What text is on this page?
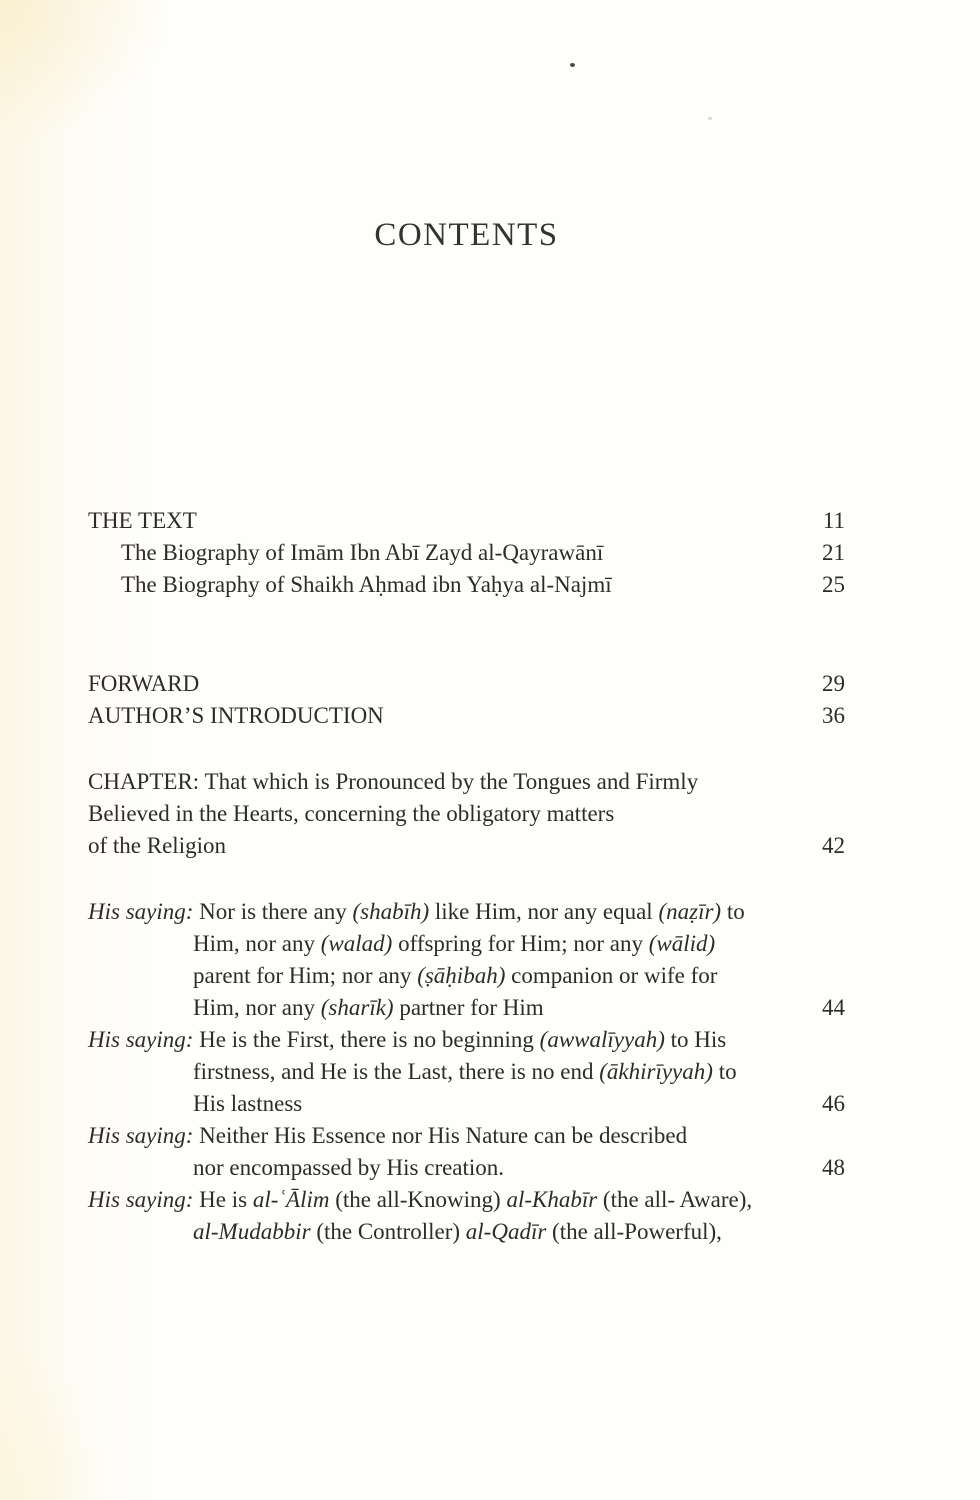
CONTENTS
THE TEXT	11
The Biography of Imām Ibn Abī Zayd al-Qayrawānī	21
The Biography of Shaikh Aḥmad ibn Yaḥya al-Najmī	25
FORWARD	29
AUTHOR’S INTRODUCTION	36
CHAPTER: That which is Pronounced by the Tongues and Firmly
Believed in the Hearts, concerning the obligatory matters
of the Religion	42
His saying: Nor is there any (shabīh) like Him, nor any equal (naẓīr) to
Him, nor any (walad) offspring for Him; nor any (wālid)
parent for Him; nor any (ṣāḥibah) companion or wife for
Him, nor any (sharīk) partner for Him	44
His saying: He is the First, there is no beginning (awwalīyyah) to His
firstness, and He is the Last, there is no end (ākhirīyyah) to
His lastness	46
His saying: Neither His Essence nor His Nature can be described
nor encompassed by His creation.	48
His saying: He is al-ʿĀlim (the all-Knowing) al-Khabīr (the all- Aware),
al-Mudabbir (the Controller) al-Qadīr (the all-Powerful),
